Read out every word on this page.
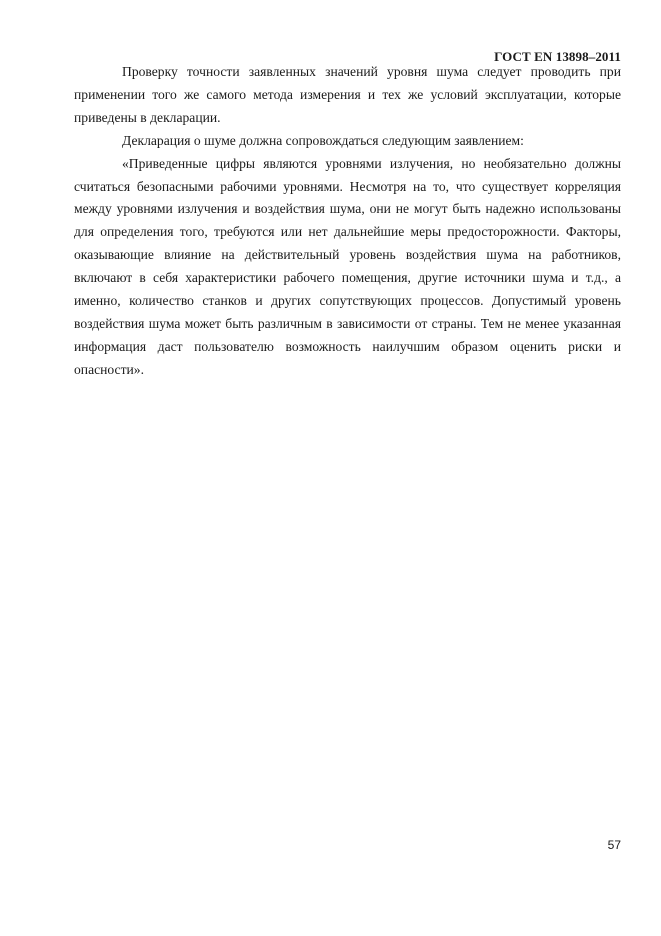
ГОСТ EN 13898–2011

Проверку точности заявленных значений уровня шума следует проводить при применении того же самого метода измерения и тех же условий эксплуатации, которые приведены в декларации.

Декларация о шуме должна сопровождаться следующим заявлением:

«Приведенные цифры являются уровнями излучения, но необязательно должны считаться безопасными рабочими уровнями. Несмотря на то, что существует корреляция между уровнями излучения и воздействия шума, они не могут быть надежно использованы для определения того, требуются или нет дальнейшие меры предосторожности. Факторы, оказывающие влияние на действительный уровень воздействия шума на работников, включают в себя характеристики рабочего помещения, другие источники шума и т.д., а именно, количество станков и других сопутствующих процессов. Допустимый уровень воздействия шума может быть различным в зависимости от страны. Тем не менее указанная информация даст пользователю возможность наилучшим образом оценить риски и опасности».

57
